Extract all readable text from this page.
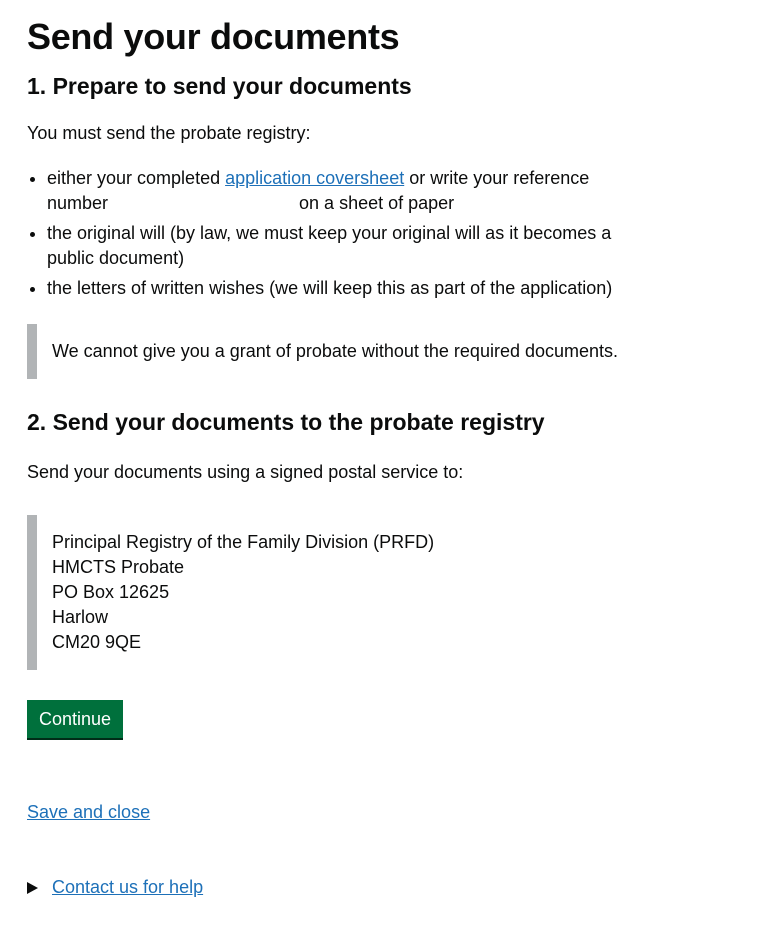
Send your documents
1. Prepare to send your documents

You must send the probate registry:

• either your completed application coversheet or write your reference number	on a sheet of paper
• the original will (by law, we must keep your original will as it becomes a public document)
• the letters of written wishes (we will keep this as part of the application)
We cannot give you a grant of probate without the required documents.
2. Send your documents to the probate registry

Send your documents using a signed postal service to:

Principal Registry of the Family Division (PRFD)
HMCTS Probate
PO Box 12625
Harlow
CM20 9QE
Continue
Save and close
Contact us for help
